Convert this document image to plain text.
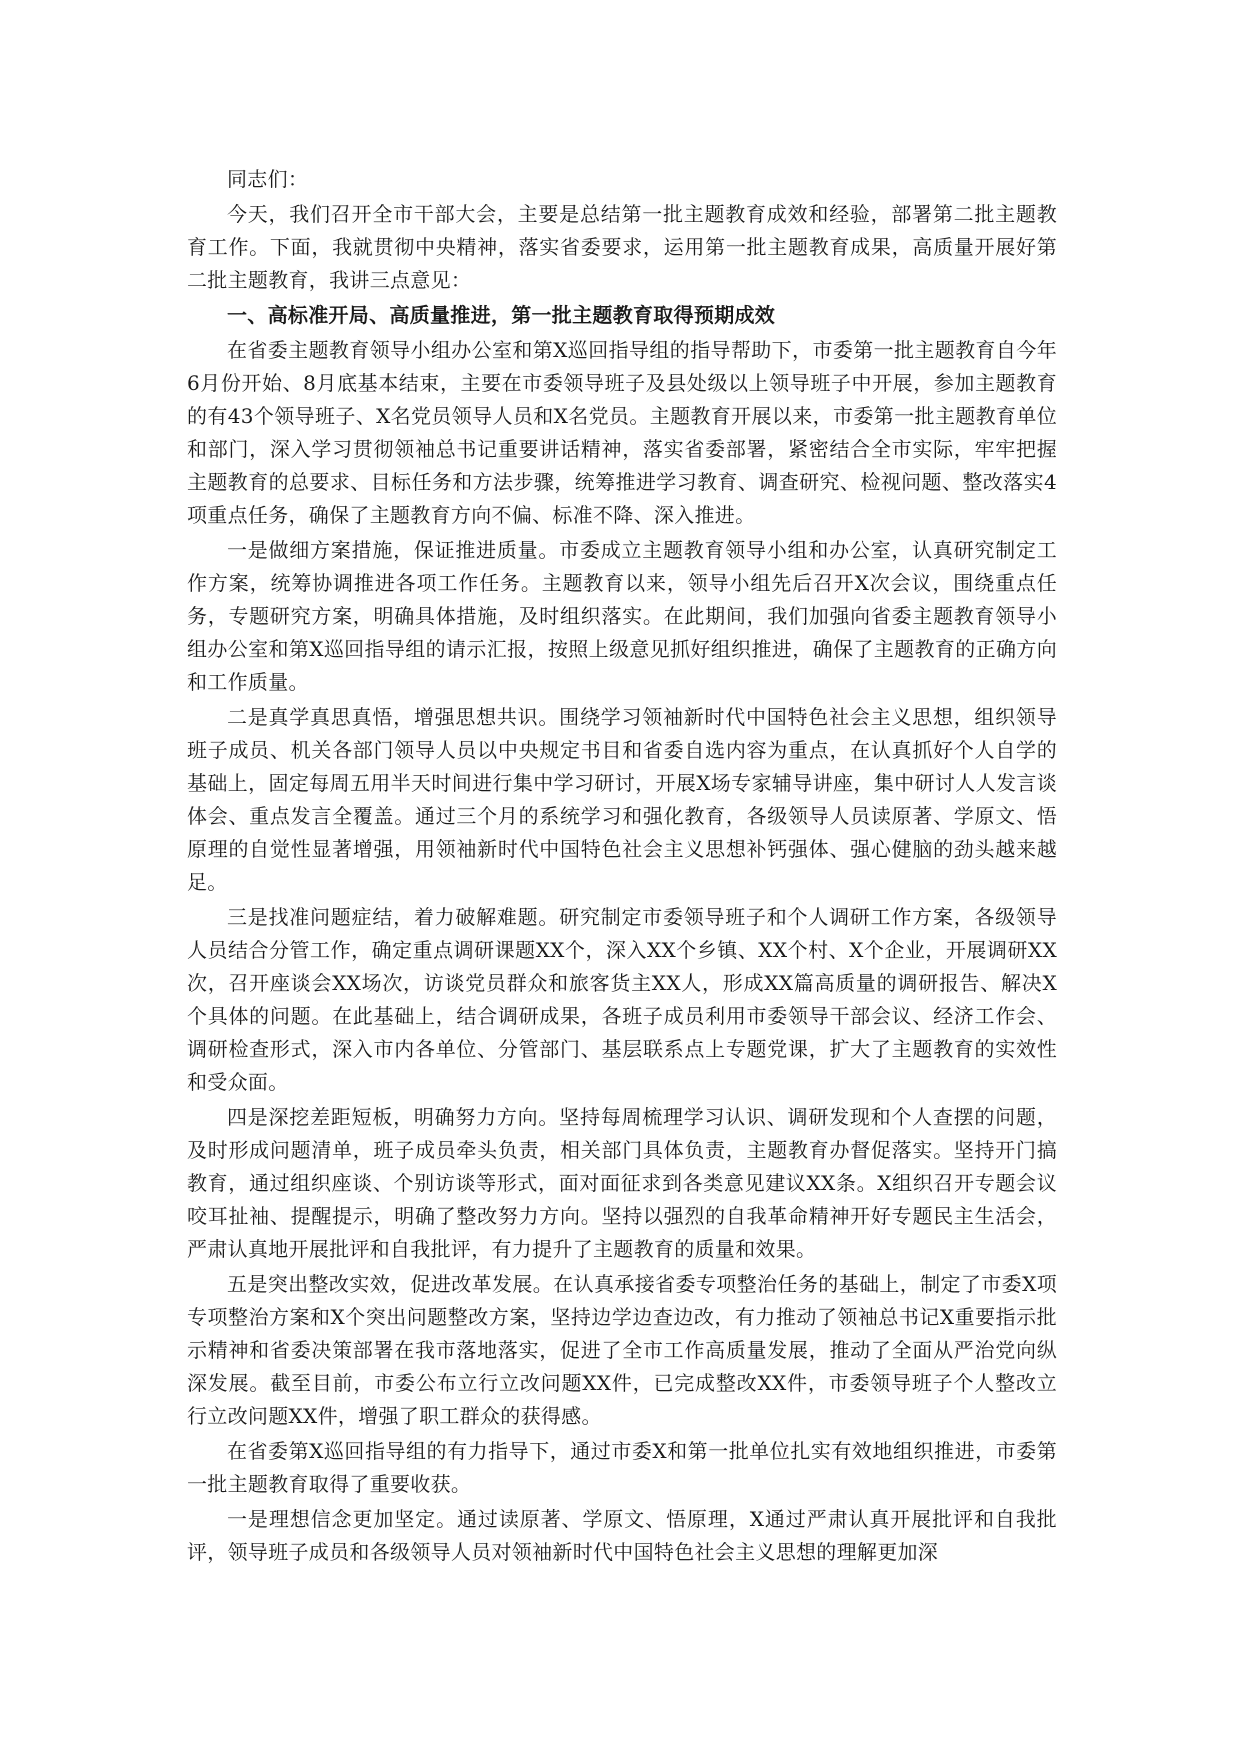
同志们：

今天，我们召开全市干部大会，主要是总结第一批主题教育成效和经验，部署第二批主题教育工作。下面，我就贯彻中央精神，落实省委要求，运用第一批主题教育成果，高质量开展好第二批主题教育，我讲三点意见：

一、高标准开局、高质量推进，第一批主题教育取得预期成效

在省委主题教育领导小组办公室和第X巡回指导组的指导帮助下，市委第一批主题教育自今年6月份开始、8月底基本结束，主要在市委领导班子及县处级以上领导班子中开展，参加主题教育的有43个领导班子、X名党员领导人员和X名党员。主题教育开展以来，市委第一批主题教育单位和部门，深入学习贯彻领袖总书记重要讲话精神，落实省委部署，紧密结合全市实际，牢牢把握主题教育的总要求、目标任务和方法步骤，统筹推进学习教育、调查研究、检视问题、整改落实4项重点任务，确保了主题教育方向不偏、标准不降、深入推进。

一是做细方案措施，保证推进质量。市委成立主题教育领导小组和办公室，认真研究制定工作方案，统筹协调推进各项工作任务。主题教育以来，领导小组先后召开X次会议，围绕重点任务，专题研究方案，明确具体措施，及时组织落实。在此期间，我们加强向省委主题教育领导小组办公室和第X巡回指导组的请示汇报，按照上级意见抓好组织推进，确保了主题教育的正确方向和工作质量。

二是真学真思真悟，增强思想共识。围绕学习领袖新时代中国特色社会主义思想，组织领导班子成员、机关各部门领导人员以中央规定书目和省委自选内容为重点，在认真抓好个人自学的基础上，固定每周五用半天时间进行集中学习研讨，开展X场专家辅导讲座，集中研讨人人发言谈体会、重点发言全覆盖。通过三个月的系统学习和强化教育，各级领导人员读原著、学原文、悟原理的自觉性显著增强，用领袖新时代中国特色社会主义思想补钙强体、强心健脑的劲头越来越足。

三是找准问题症结，着力破解难题。研究制定市委领导班子和个人调研工作方案，各级领导人员结合分管工作，确定重点调研课题XX个，深入XX个乡镇、XX个村、X个企业，开展调研XX次，召开座谈会XX场次，访谈党员群众和旅客货主XX人，形成XX篇高质量的调研报告、解决X个具体的问题。在此基础上，结合调研成果，各班子成员利用市委领导干部会议、经济工作会、调研检查形式，深入市内各单位、分管部门、基层联系点上专题党课，扩大了主题教育的实效性和受众面。

四是深挖差距短板，明确努力方向。坚持每周梳理学习认识、调研发现和个人查摆的问题，及时形成问题清单，班子成员牵头负责，相关部门具体负责，主题教育办督促落实。坚持开门搞教育，通过组织座谈、个别访谈等形式，面对面征求到各类意见建议XX条。X组织召开专题会议咬耳扯袖、提醒提示，明确了整改努力方向。坚持以强烈的自我革命精神开好专题民主生活会，严肃认真地开展批评和自我批评，有力提升了主题教育的质量和效果。

五是突出整改实效，促进改革发展。在认真承接省委专项整治任务的基础上，制定了市委X项专项整治方案和X个突出问题整改方案，坚持边学边查边改，有力推动了领袖总书记X重要指示批示精神和省委决策部署在我市落地落实，促进了全市工作高质量发展，推动了全面从严治党向纵深发展。截至目前，市委公布立行立改问题XX件，已完成整改XX件，市委领导班子个人整改立行立改问题XX件，增强了职工群众的获得感。

在省委第X巡回指导组的有力指导下，通过市委X和第一批单位扎实有效地组织推进，市委第一批主题教育取得了重要收获。

一是理想信念更加坚定。通过读原著、学原文、悟原理，X通过严肃认真开展批评和自我批评，领导班子成员和各级领导人员对领袖新时代中国特色社会主义思想的理解更加深
